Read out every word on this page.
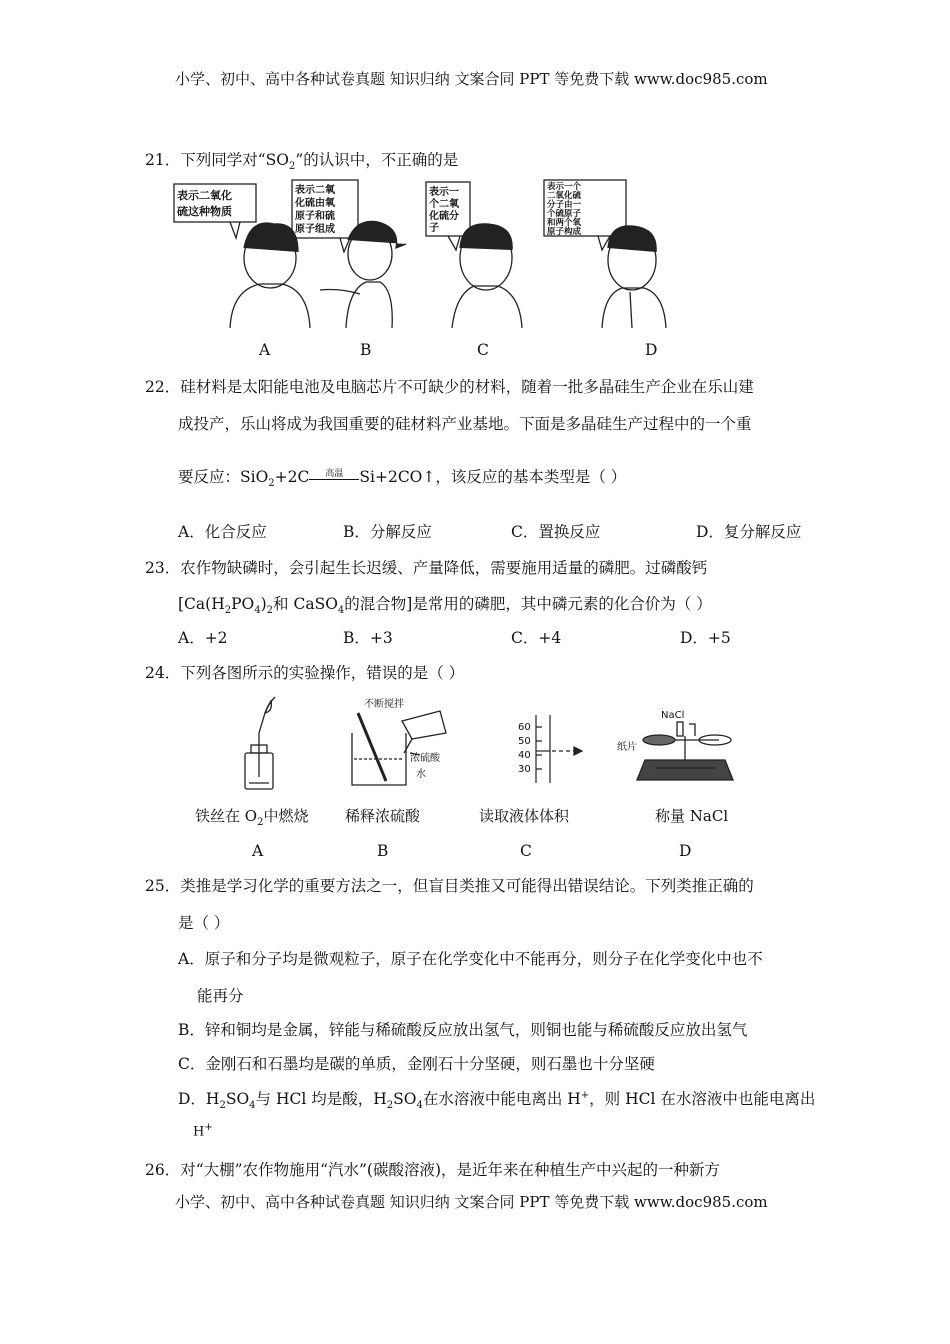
小学、初中、高中各种试卷真题 知识归纳 文案合同 PPT 等免费下载 www.doc985.com
小学、初中、高中各种试卷真题 知识归纳 文案合同 PPT 等免费下载 www.doc985.com
21．下列同学对“$SO_2$”的认识中，不正确的是
表示二氧化
硫这种物质
表示二氧
化硫由氧
原子和硫
原子组成
表示一
个二氧
化硫分
子
表示一个
二氧化硫
分子由一
个硫原子
和两个氧
原子构成
A	B	C	D
22．硅材料是太阳能电池及电脑芯片不可缺少的材料，随着一批多晶硅生产企业在乐山建
成投产，乐山将成为我国重要的硅材料产业基地。下面是多晶硅生产过程中的一个重
要反应：SiO$_2$+2C 高温 Si+2CO↑，该反应的基本类型是（ ）
A．化合反应	B．分解反应	C．置换反应	D．复分解反应
23．农作物缺磷时，会引起生长迟缓、产量降低，需要施用适量的磷肥。过磷酸钙
[$Ca(H_2PO_4)_2$和 CaSO$_4$的混合物]是常用的磷肥，其中磷元素的化合价为（ ）
A．+2	B．+3	C．+4	D．+5
24．下列各图所示的实验操作，错误的是（ ）
不断搅拌
浓硫酸
水
60
50
40
30
NaCl
纸片
铁丝在 $O_2$中燃烧 稀释浓硫酸	读取液体体积	称量 NaCl
A	B	C	D
25．类推是学习化学的重要方法之一，但盲目类推又可能得出错误结论。下列类推正确的
是（ ）
A．原子和分子均是微观粒子，原子在化学变化中不能再分，则分子在化学变化中也不
能再分
B．锌和铜均是金属，锌能与稀硫酸反应放出氢气，则铜也能与稀硫酸反应放出氢气
C．金刚石和石墨均是碳的单质，金刚石十分坚硬，则石墨也十分坚硬
D．$H_2SO_4$与 HCl 均是酸，$H_2SO_4$在水溶液中能电离出 H+，则 HCl 在水溶液中也能电离出
H+
26．对“大棚”农作物施用“汽水”(碳酸溶液)，是近年来在种植生产中兴起的一种新方
